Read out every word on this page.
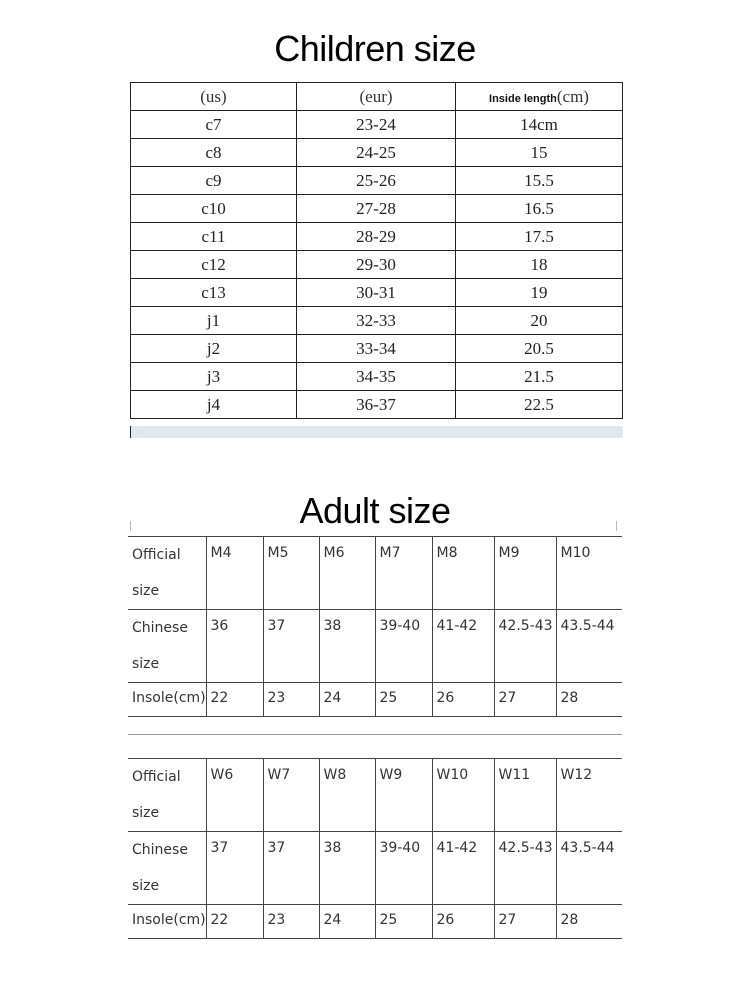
Children size
(us)	(eur)	Inside length(cm)
c7	23-24	14cm
c8	24-25	15
c9	25-26	15.5
c10	27-28	16.5
c11	28-29	17.5
c12	29-30	18
c13	30-31	19
j1	32-33	20
j2	33-34	20.5
j3	34-35	21.5
j4	36-37	22.5
Adult size
Official
size	M4	M5	M6	M7	M8	M9	M10

Chinese
size	36	37	38	39-40	41-42	42.5-43	43.5-44
Insole(cm)	22	23	24	25	26	27	28
Official
size	W6	W7	W8	W9	W10	W11	W12

Chinese
size	37	37	38	39-40	41-42	42.5-43	43.5-44
Insole(cm)	22	23	24	25	26	27	28
